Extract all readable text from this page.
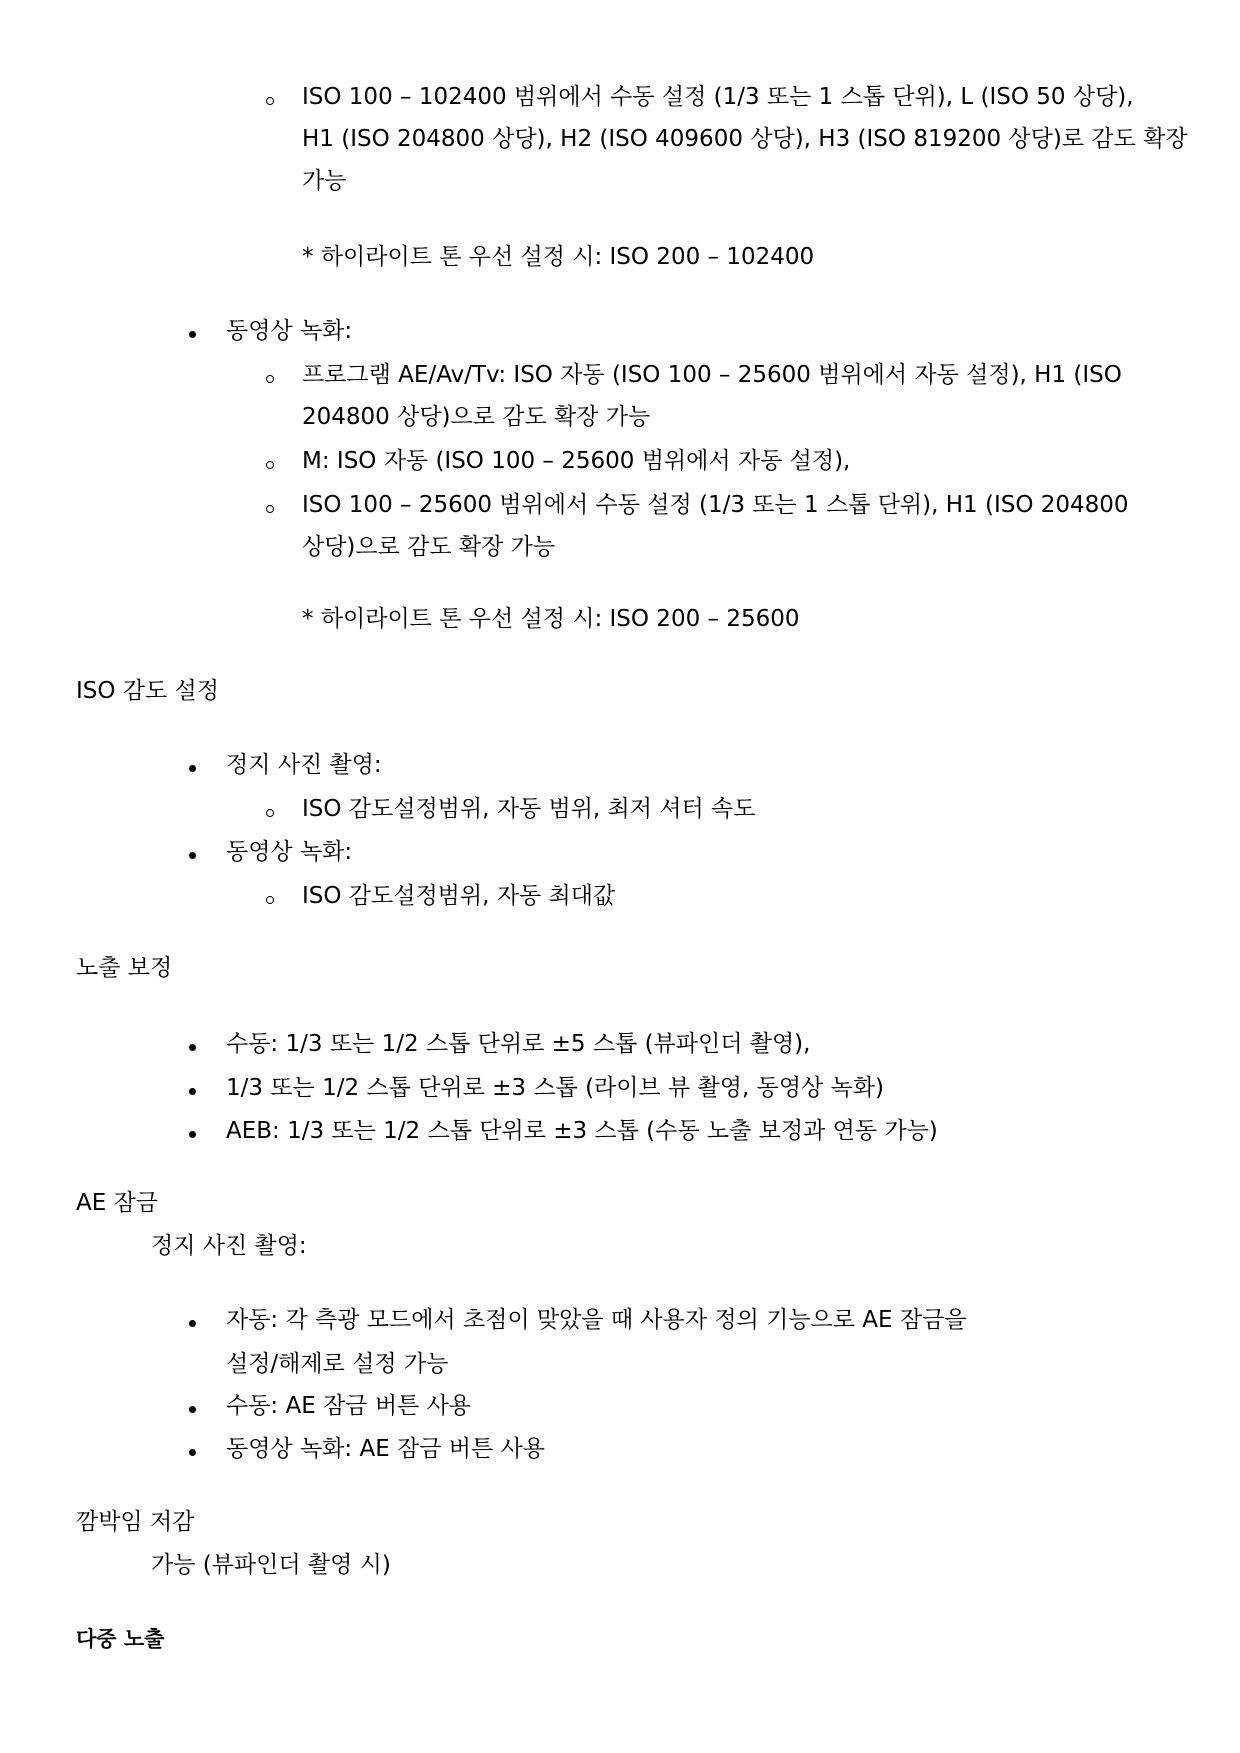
ISO 100 – 102400 범위에서 수동 설정 (1/3 또는 1 스톱 단위), L (ISO 50 상당),
H1 (ISO 204800 상당), H2 (ISO 409600 상당), H3 (ISO 819200 상당)로 감도 확장
가능
* 하이라이트 톤 우선 설정 시: ISO 200 – 102400
동영상 녹화:
프로그램 AE/Av/Tv: ISO 자동 (ISO 100 – 25600 범위에서 자동 설정), H1 (ISO
204800 상당)으로 감도 확장 가능
M: ISO 자동 (ISO 100 – 25600 범위에서 자동 설정),
ISO 100 – 25600 범위에서 수동 설정 (1/3 또는 1 스톱 단위), H1 (ISO 204800
상당)으로 감도 확장 가능
* 하이라이트 톤 우선 설정 시: ISO 200 – 25600
ISO 감도 설정
정지 사진 촬영:
ISO 감도설정범위, 자동 범위, 최저 셔터 속도
동영상 녹화:
ISO 감도설정범위, 자동 최대값
노출 보정
수동: 1/3 또는 1/2 스톱 단위로 ±5 스톱 (뷰파인더 촬영),
1/3 또는 1/2 스톱 단위로 ±3 스톱 (라이브 뷰 촬영, 동영상 녹화)
AEB: 1/3 또는 1/2 스톱 단위로 ±3 스톱 (수동 노출 보정과 연동 가능)
AE 잠금
정지 사진 촬영:
자동: 각 측광 모드에서 초점이 맞았을 때 사용자 정의 기능으로 AE 잠금을
설정/해제로 설정 가능
수동: AE 잠금 버튼 사용
동영상 녹화: AE 잠금 버튼 사용
깜박임 저감
가능 (뷰파인더 촬영 시)
다중 노출
